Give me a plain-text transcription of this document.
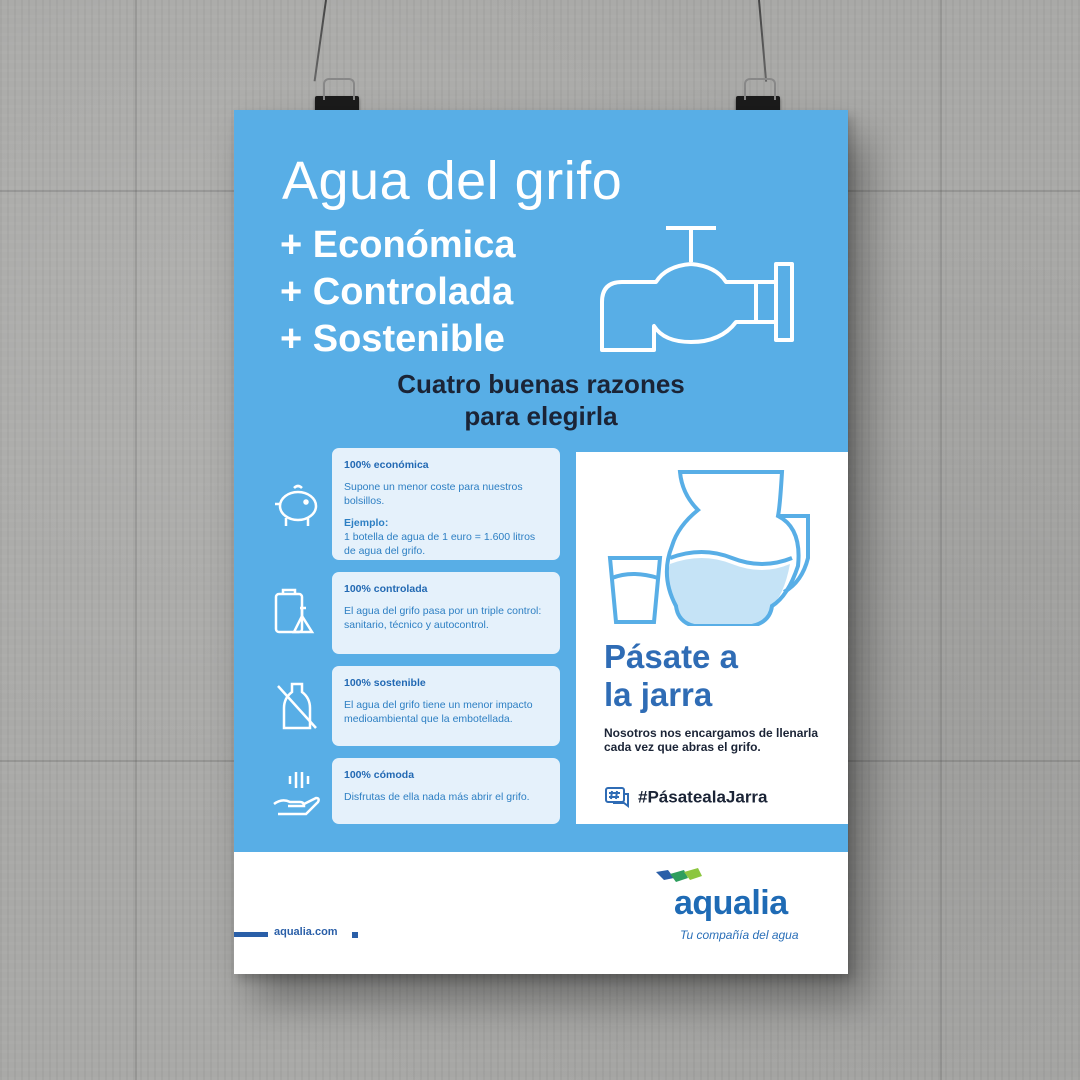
Agua del grifo
+ Económica
+ Controlada
+ Sostenible
Cuatro buenas razones
para elegirla
100% económica
Supone un menor coste para nuestros bolsillos.
Ejemplo:
1 botella de agua de 1 euro = 1.600 litros de agua del grifo.
100% controlada
El agua del grifo pasa por un triple control: sanitario, técnico y autocontrol.
100% sostenible
El agua del grifo tiene un menor impacto medioambiental que la embotellada.
100% cómoda
Disfrutas de ella nada más abrir el grifo.
Pásate a
la jarra
Nosotros nos encargamos de llenarla cada vez que abras el grifo.
#PásatealaJarra
aqualia.com
aqualia
Tu compañía del agua
